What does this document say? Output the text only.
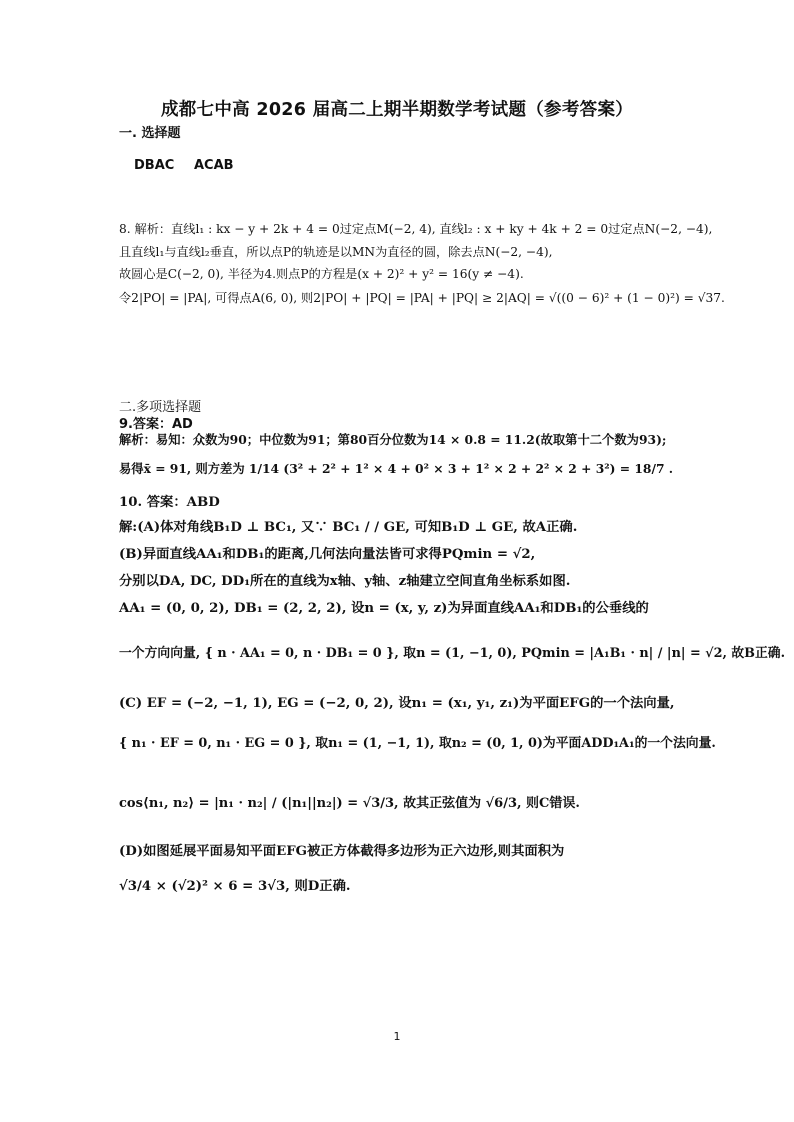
成都七中高 2026 届高二上期半期数学考试题（参考答案）
一. 选择题
DBAC ACAB
8. 解析：直线l₁ : kx − y + 2k + 4 = 0过定点M(−2, 4), 直线l₂ : x + ky + 4k + 2 = 0过定点N(−2, −4),
且直线l₁与直线l₂垂直，所以点P的轨迹是以MN为直径的圆，除去点N(−2, −4),
故圆心是C(−2, 0), 半径为4.则点P的方程是(x + 2)² + y² = 16(y ≠ −4).
令2|PO| = |PA|, 可得点A(6, 0), 则2|PO| + |PQ| = |PA| + |PQ| ≥ 2|AQ| = √((0 − 6)² + (1 − 0)²) = √37.
二.多项选择题
9.答案：AD
解析：易知：众数为90；中位数为91；第80百分位数为14 × 0.8 = 11.2(故取第十二个数为93);
易得x̄ = 91, 则方差为 1/14 (3² + 2² + 1² × 4 + 0² × 3 + 1² × 2 + 2² × 2 + 3²) = 18/7 .
10. 答案：ABD
解:(A)体对角线B₁D ⊥ BC₁, 又∵ BC₁ / / GE, 可知B₁D ⊥ GE, 故A正确.
(B)异面直线AA₁和DB₁的距离,几何法向量法皆可求得PQmin = √2,
分别以DA, DC, DD₁所在的直线为x轴、y轴、z轴建立空间直角坐标系如图.
AA₁ = (0, 0, 2), DB₁ = (2, 2, 2), 设n = (x, y, z)为异面直线AA₁和DB₁的公垂线的
一个方向向量, { n · AA₁ = 0, n · DB₁ = 0 }, 取n = (1, −1, 0), PQmin = |A₁B₁ · n| / |n| = √2, 故B正确.
(C) EF = (−2, −1, 1), EG = (−2, 0, 2), 设n₁ = (x₁, y₁, z₁)为平面EFG的一个法向量,
{ n₁ · EF = 0, n₁ · EG = 0 }, 取n₁ = (1, −1, 1), 取n₂ = (0, 1, 0)为平面ADD₁A₁的一个法向量.
cos⟨n₁, n₂⟩ = |n₁ · n₂| / (|n₁||n₂|) = √3/3, 故其正弦值为 √6/3, 则C错误.
(D)如图延展平面易知平面EFG被正方体截得多边形为正六边形,则其面积为
√3/4 × (√2)² × 6 = 3√3, 则D正确.
1
